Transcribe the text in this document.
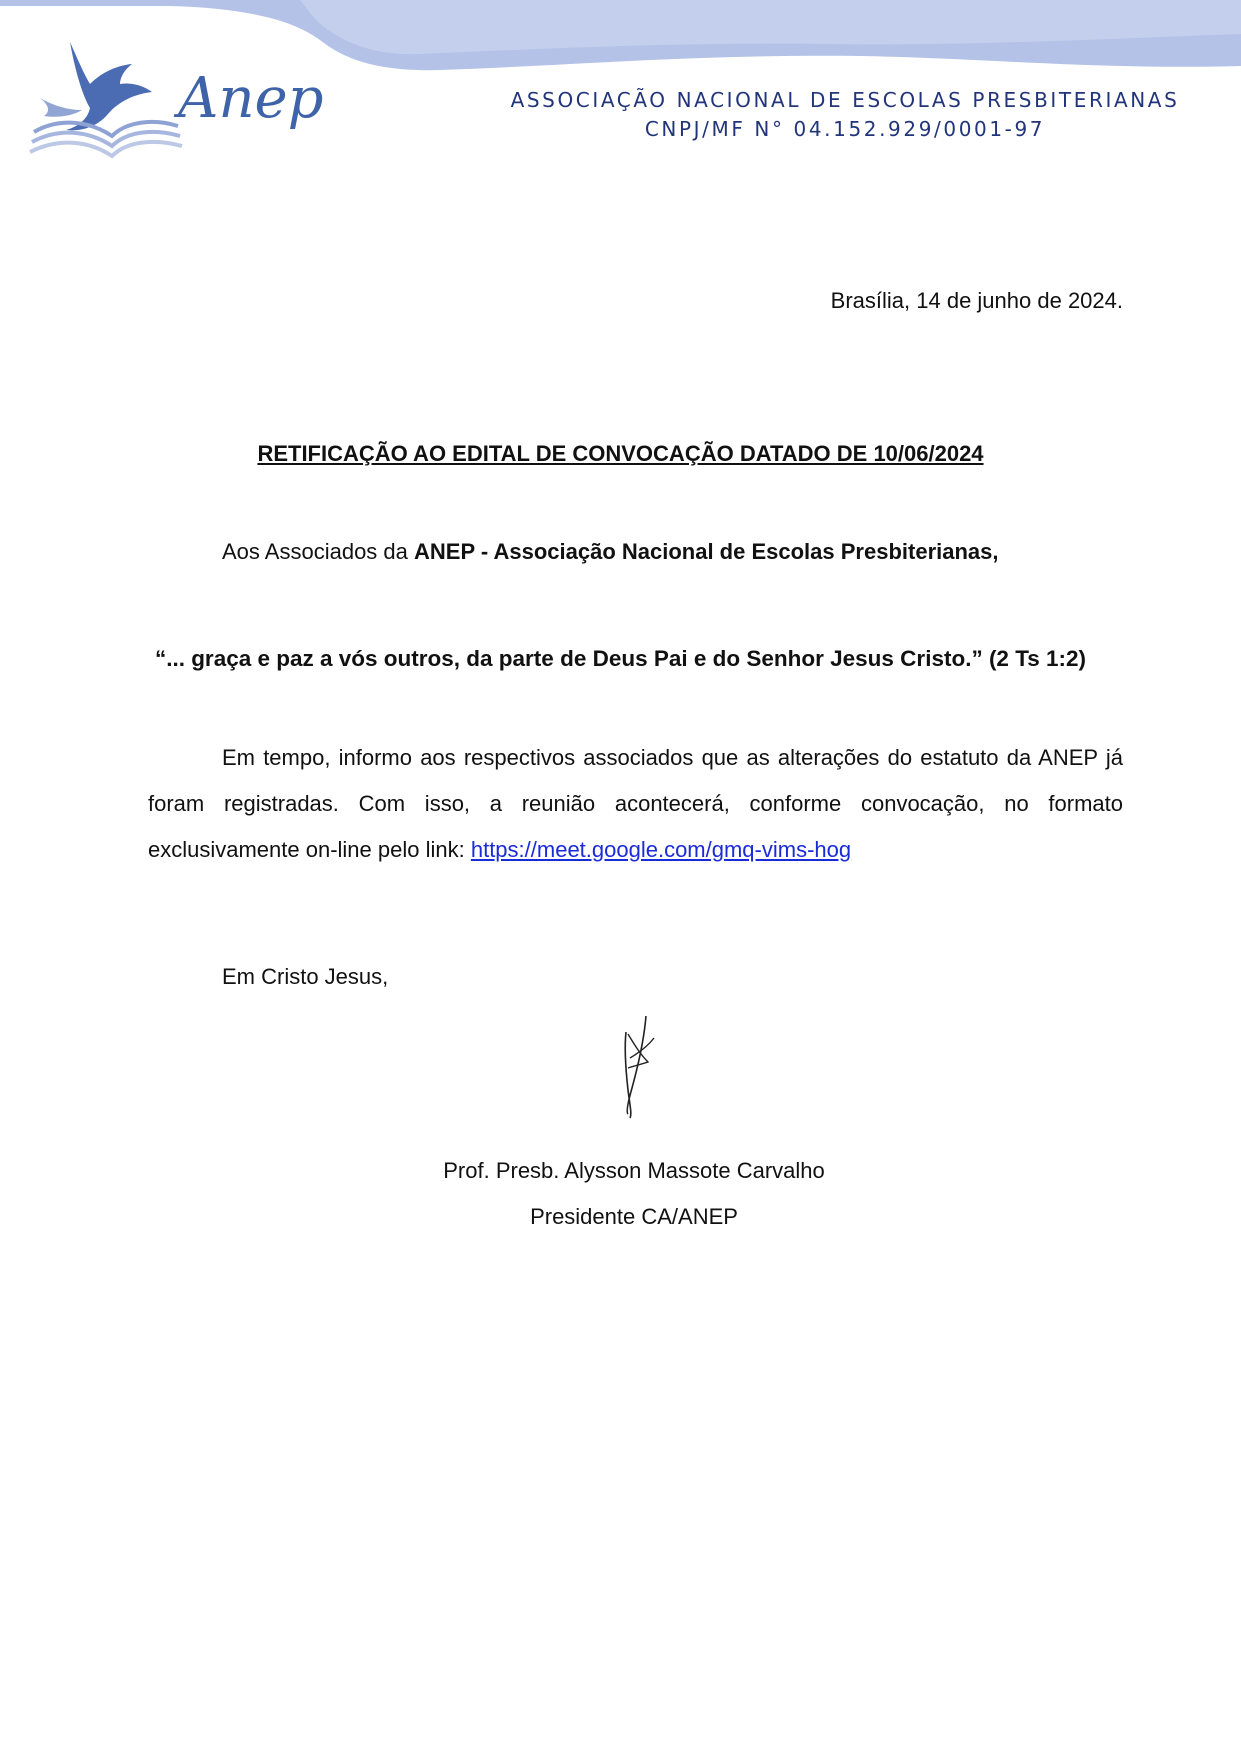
Anep	ASSOCIAÇÃO NACIONAL DE ESCOLAS PRESBITERIANAS
CNPJ/MF N° 04.152.929/0001-97
Brasília, 14 de junho de 2024.
RETIFICAÇÃO AO EDITAL DE CONVOCAÇÃO DATADO DE 10/06/2024
Aos Associados da ANEP - Associação Nacional de Escolas Presbiterianas,
“... graça e paz a vós outros, da parte de Deus Pai e do Senhor Jesus Cristo.” (2 Ts 1:2)
Em tempo, informo aos respectivos associados que as alterações do estatuto da ANEP já foram registradas. Com isso, a reunião acontecerá, conforme convocação, no formato exclusivamente on-line pelo link: https://meet.google.com/gmq-vims-hog
Em Cristo Jesus,
Prof. Presb. Alysson Massote Carvalho
Presidente CA/ANEP
